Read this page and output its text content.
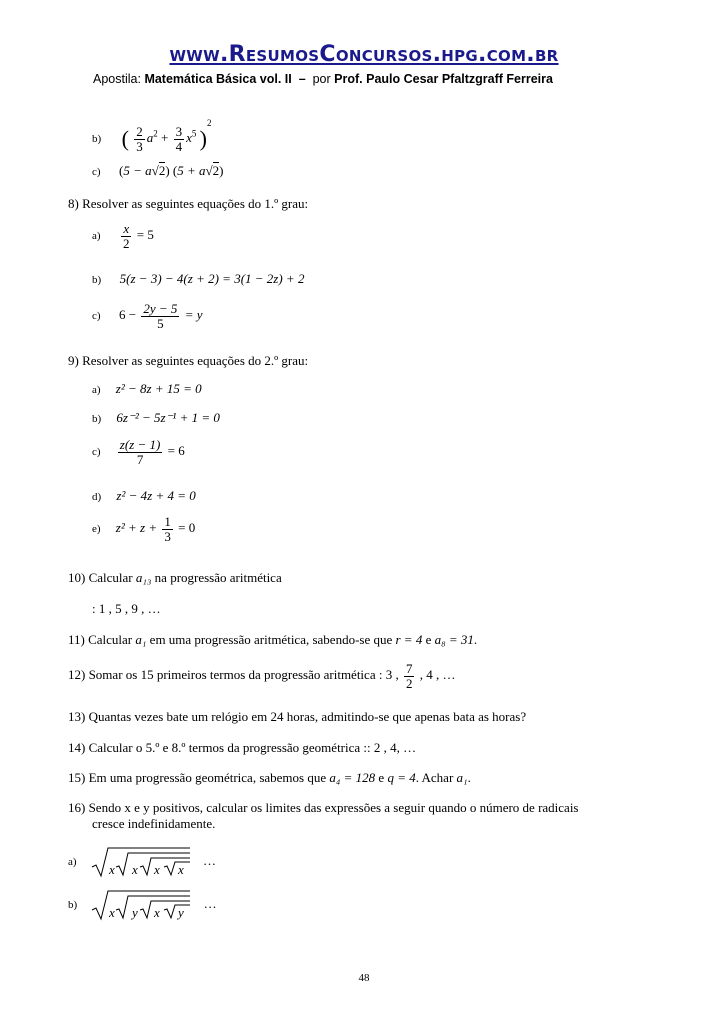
www.ResumosConcursos.hpg.com.br
Apostila: Matemática Básica vol. II – por Prof. Paulo Cesar Pfaltzgraff Ferreira
b) ( $\frac{2}{3} a^2 + \frac{3}{4} x^5$ )$^2$
c)  (5 − a√2) (5 + a√2)
8) Resolver as seguintes equações do 1.º grau:
$a) \frac{x}{2} = 5$
b) 5(z − 3) − 4(z + 2) = 3(1 − 2z) + 2
c) $6 - \frac{2y - 5}{5} = y$
9) Resolver as seguintes equações do 2.º grau:
a) z² − 8z + 15 = 0
b) 6z⁻² − 5z⁻¹ + 1 = 0
$c) \frac{z(z - 1)}{7} = 6$
d) z² − 4z + 4 = 0
e) $z^2 + z + \frac{1}{3} = 0$
10) Calcular a₁₃ na progressão aritmética
: 1 , 5 , 9 , …
11) Calcular a₁ em uma progressão aritmética, sabendo-se que r = 4 e a₈ = 31.
12) Somar os 15 primeiros termos da progressão aritmética : 3 , $\frac{7}{2}$ , 4 , …
13) Quantas vezes bate um relógio em 24 horas, admitindo-se que apenas bata as horas?
14) Calcular o 5.º e 8.º termos da progressão geométrica :: 2 , 4, …
15) Em uma progressão geométrica, sabemos que a₄ = 128 e q = 4. Achar a₁.
16) Sendo x e y positivos, calcular os limites das expressões a seguir quando o número de radicais
cresce indefinidamente.
a)
x x x x
…
b)
x y x y
…
48
